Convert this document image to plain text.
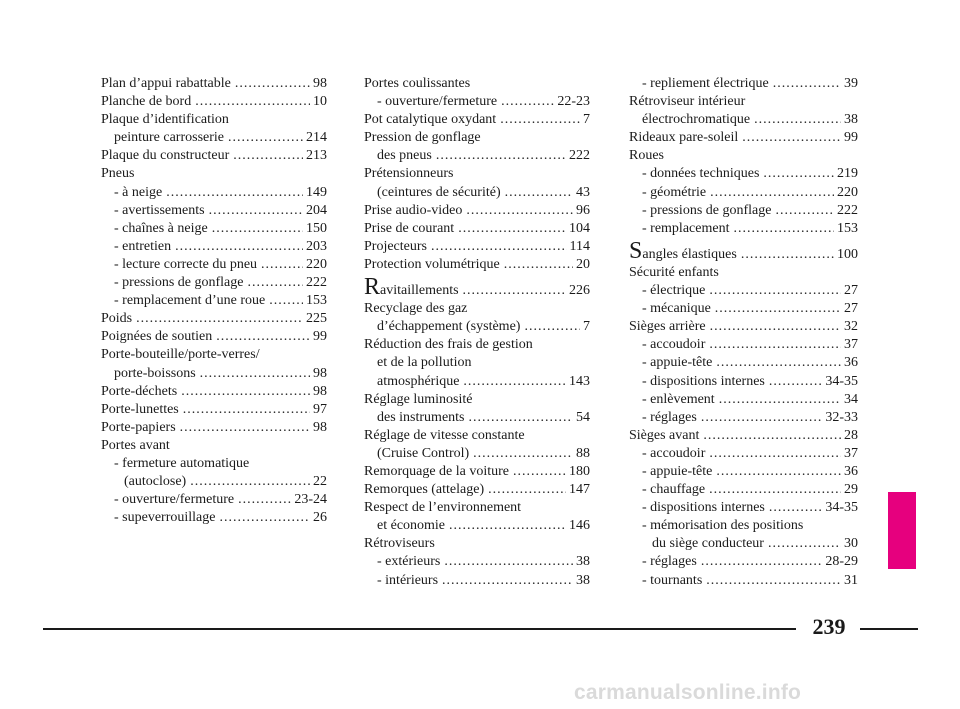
Plan d’appui rabattable .....	98
Planche de bord .....	10
Plaque d’identification
peinture carrosserie .....	214
Plaque du constructeur .....	213
Pneus
- à neige .....	149
- avertissements .....	204
- chaînes à neige .....	150
- entretien .....	203
- lecture correcte du pneu .....	220
- pressions de gonflage .....	222
- remplacement d’une roue .....	153
Poids .....	225
Poignées de soutien .....	99
Porte-bouteille/porte-verres/
porte-boissons .....	98
Porte-déchets .....	98
Porte-lunettes .....	97
Porte-papiers .....	98
Portes avant
- fermeture automatique
(autoclose) .....	22
- ouverture/fermeture .....	23-24
- supeverrouillage .....	26
Portes coulissantes
- ouverture/fermeture .....	22-23
Pot catalytique oxydant .....	7
Pression de gonflage
des pneus .....	222
Prétensionneurs
(ceintures de sécurité) .....	43
Prise audio-video .....	96
Prise de courant .....	104
Projecteurs .....	114
Protection volumétrique .....	20
Ravitaillements .....	226
Recyclage des gaz
d’échappement (système) .....	7
Réduction des frais de gestion
et de la pollution
atmosphérique .....	143
Réglage luminosité
des instruments .....	54
Réglage de vitesse constante
(Cruise Control) .....	88
Remorquage de la voiture .....	180
Remorques (attelage) .....	147
Respect de l’environnement
et économie .....	146
Rétroviseurs
- extérieurs .....	38
- intérieurs .....	38
- repliement électrique .....	39
Rétroviseur intérieur
électrochromatique .....	38
Rideaux pare-soleil .....	99
Roues
- données techniques .....	219
- géométrie .....	220
- pressions de gonflage .....	222
- remplacement .....	153
Sangles élastiques .....	100
Sécurité enfants
- électrique .....	27
- mécanique .....	27
Sièges arrière .....	32
- accoudoir .....	37
- appuie-tête .....	36
- dispositions internes .....	34-35
- enlèvement .....	34
- réglages .....	32-33
Sièges avant .....	28
- accoudoir .....	37
- appuie-tête .....	36
- chauffage .....	29
- dispositions internes .....	34-35
- mémorisation des positions
du siège conducteur .....	30
- réglages .....	28-29
- tournants .....	31
239
carmanualsonline.info
